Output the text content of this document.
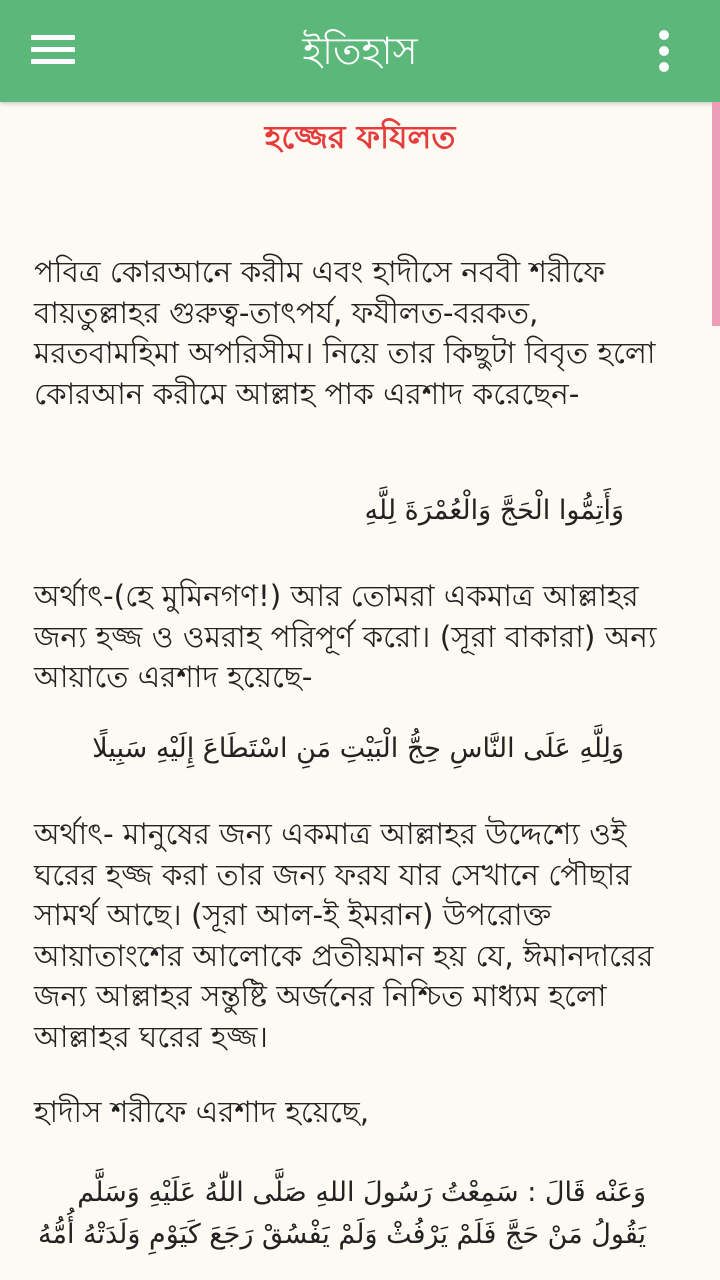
ইতিহাস
হজ্জের ফযিলত

পবিত্র কোরআনে করীম এবং হাদীসে নববী শরীফে বায়তুল্লাহর গুরুত্ব-তাৎপর্য, ফযীলত-বরকত, মরতবামহিমা অপরিসীম। নিয়ে তার কিছুটা বিবৃত হলো কোরআন করীমে আল্লাহ পাক এরশাদ করেছেন-

وَأَتِمُّوا الْحَجَّ وَالْعُمْرَةَ لِلَّهِ

অর্থাৎ-(হে মুমিনগণ!) আর তোমরা একমাত্র আল্লাহর জন্য হজ্জ ও ওমরাহ পরিপূর্ণ করো। (সূরা বাকারা) অন্য আয়াতে এরশাদ হয়েছে-

وَلِلَّهِ عَلَى النَّاسِ حِجُّ الْبَيْتِ مَنِ اسْتَطَاعَ إِلَيْهِ سَبِيلًا

অর্থাৎ- মানুষের জন্য একমাত্র আল্লাহর উদ্দেশ্যে ওই ঘরের হজ্জ করা তার জন্য ফরয যার সেখানে পৌছার সামর্থ আছে। (সূরা আল-ই ইমরান) উপরোক্ত আয়াতাংশের আলোকে প্রতীয়মান হয় যে, ঈমানদারের জন্য আল্লাহর সন্তুষ্টি অর্জনের নিশ্চিত মাধ্যম হলো আল্লাহর ঘরের হজ্জ।

হাদীস শরীফে এরশাদ হয়েছে,

وَعَنْه قَالَ : سَمِعْتُ رَسُولَ اللهِ صَلَّى اللّٰهُ عَلَيْهِ وَسَلَّم يَقُولُ مَنْ حَجَّ فَلَمْ يَرْفُثْ وَلَمْ يَفْسُقْ رَجَعَ كَيَوْمِ وَلَدَتْهُ أُمُّهُ
